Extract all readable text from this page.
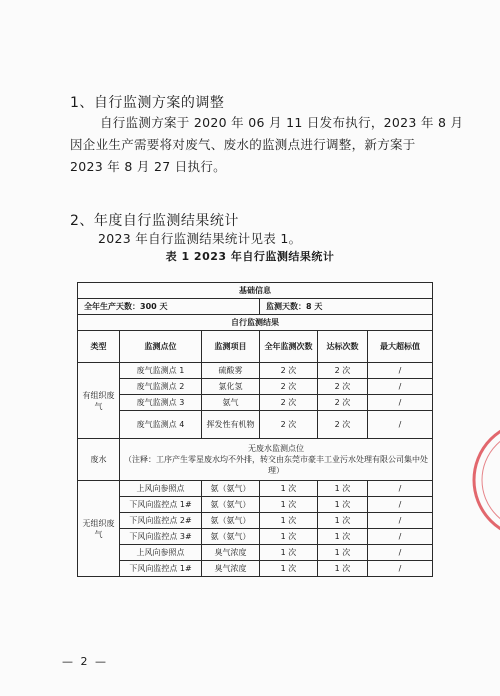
1、自行监测方案的调整
自行监测方案于 2020 年 06 月 11 日发布执行，2023 年 8 月
因企业生产需要将对废气、废水的监测点进行调整，新方案于
2023 年 8 月 27 日执行。
2、年度自行监测结果统计
2023 年自行监测结果统计见表 1。
表 1 2023 年自行监测结果统计
基础信息					
全年生产天数：300 天			监测天数：8 天		
自行监测结果					
类型	监测点位	监测项目	全年监测次数	达标次数	最大超标值
有组织废气	废气监测点 1	硫酸雾	2 次	2 次	/
	废气监测点 2	氯化氢	2 次	2 次	/
	废气监测点 3	氨气	2 次	2 次	/
	废气监测点 4	挥发性有机物	2 次	2 次	/
废水	无废水监测点位
（注释：工序产生零星废水均不外排，转交由东莞市豪丰工业污水处理有限公司集中处理）				

无组织废气	上风向参照点	氨（氨气）	1 次	1 次	/
	下风向监控点 1#	氨（氨气）	1 次	1 次	/
	下风向监控点 2#	氨（氨气）	1 次	1 次	/
	下风向监控点 3#	氨（氨气）	1 次	1 次	/
	上风向参照点	臭气浓度	1 次	1 次	/
	下风向监控点 1#	臭气浓度	1 次	1 次	/
— 2 —
